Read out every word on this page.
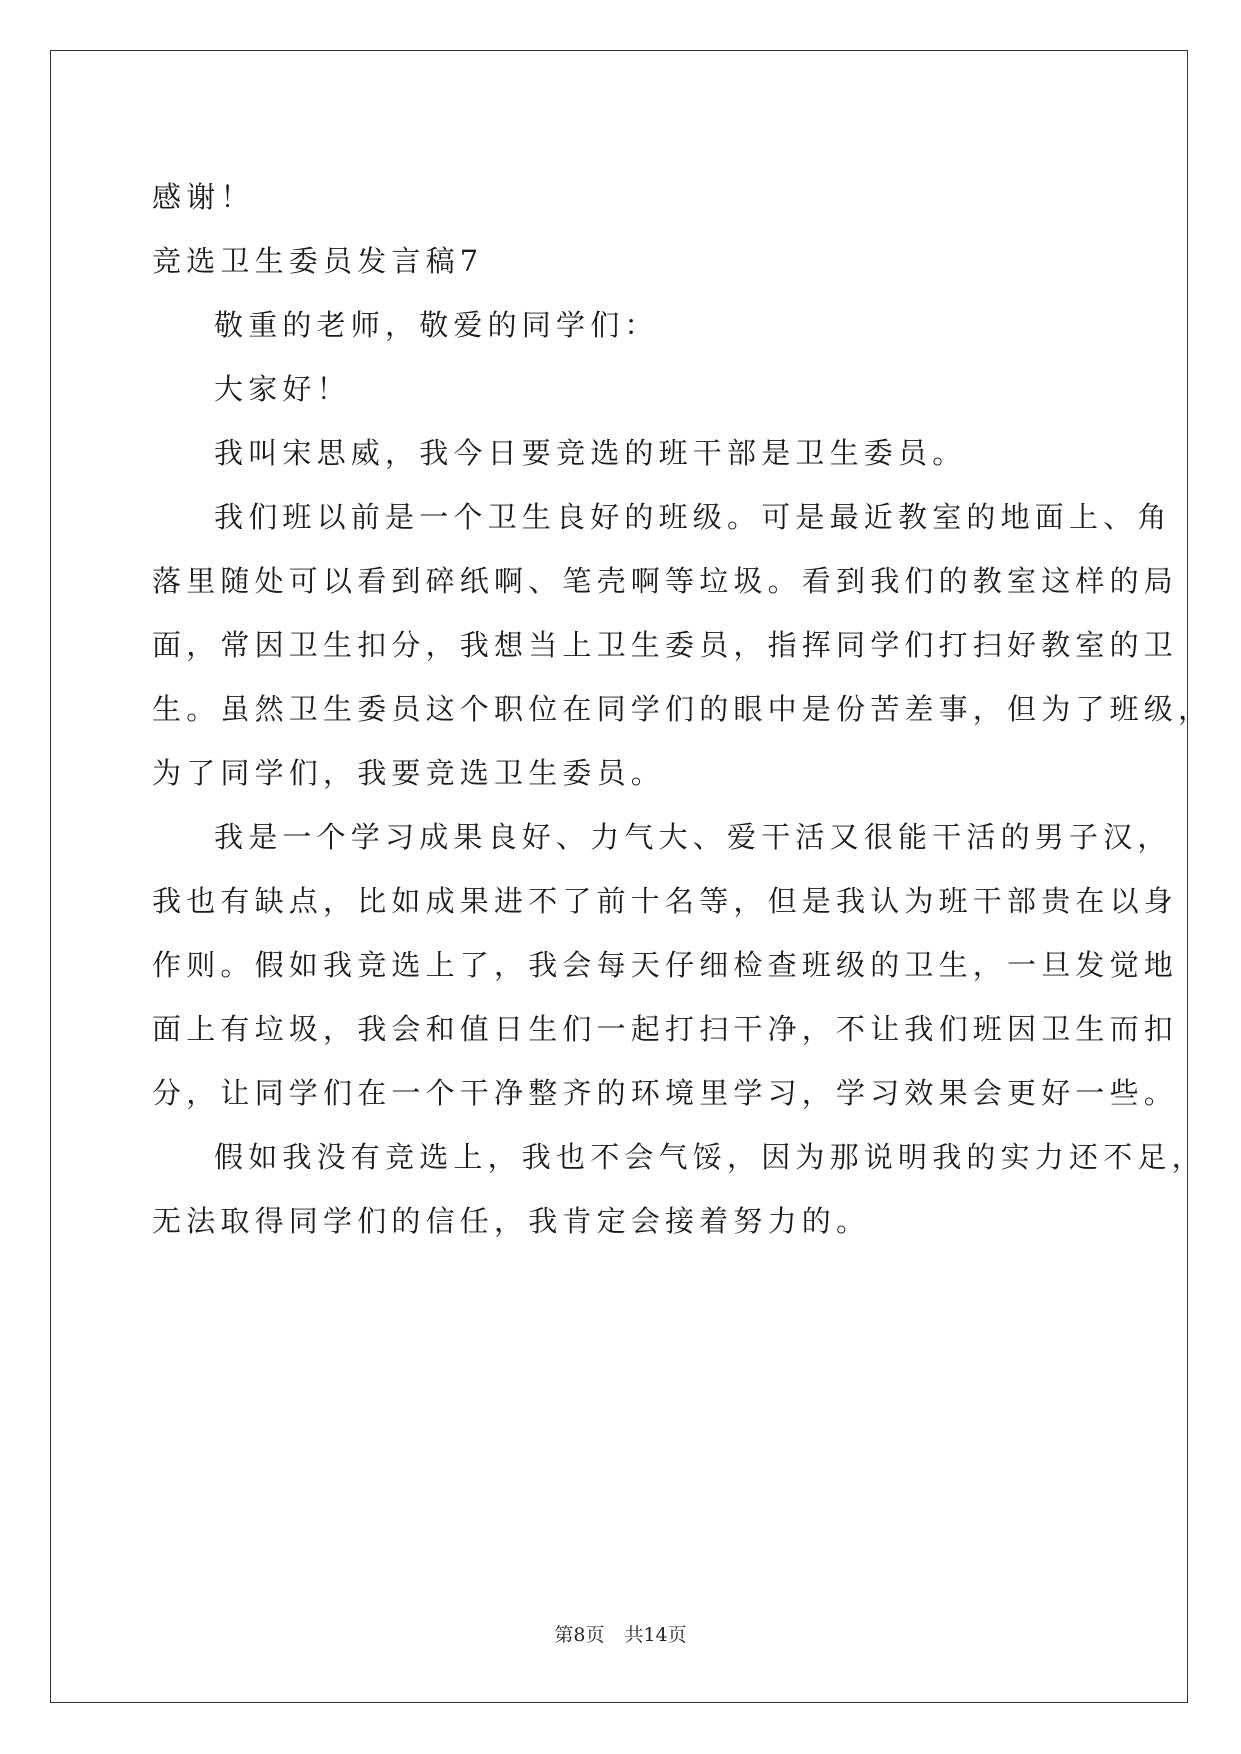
感谢！
竞选卫生委员发言稿7
敬重的老师，敬爱的同学们：
大家好！
我叫宋思威，我今日要竞选的班干部是卫生委员。
我们班以前是一个卫生良好的班级。可是最近教室的地面上、角
落里随处可以看到碎纸啊、笔壳啊等垃圾。看到我们的教室这样的局
面，常因卫生扣分，我想当上卫生委员，指挥同学们打扫好教室的卫
生。虽然卫生委员这个职位在同学们的眼中是份苦差事，但为了班级，
为了同学们，我要竞选卫生委员。
我是一个学习成果良好、力气大、爱干活又很能干活的男子汉，
我也有缺点，比如成果进不了前十名等，但是我认为班干部贵在以身
作则。假如我竞选上了，我会每天仔细检查班级的卫生，一旦发觉地
面上有垃圾，我会和值日生们一起打扫干净，不让我们班因卫生而扣
分，让同学们在一个干净整齐的环境里学习，学习效果会更好一些。
假如我没有竞选上，我也不会气馁，因为那说明我的实力还不足，
无法取得同学们的信任，我肯定会接着努力的。
第8页 共14页
